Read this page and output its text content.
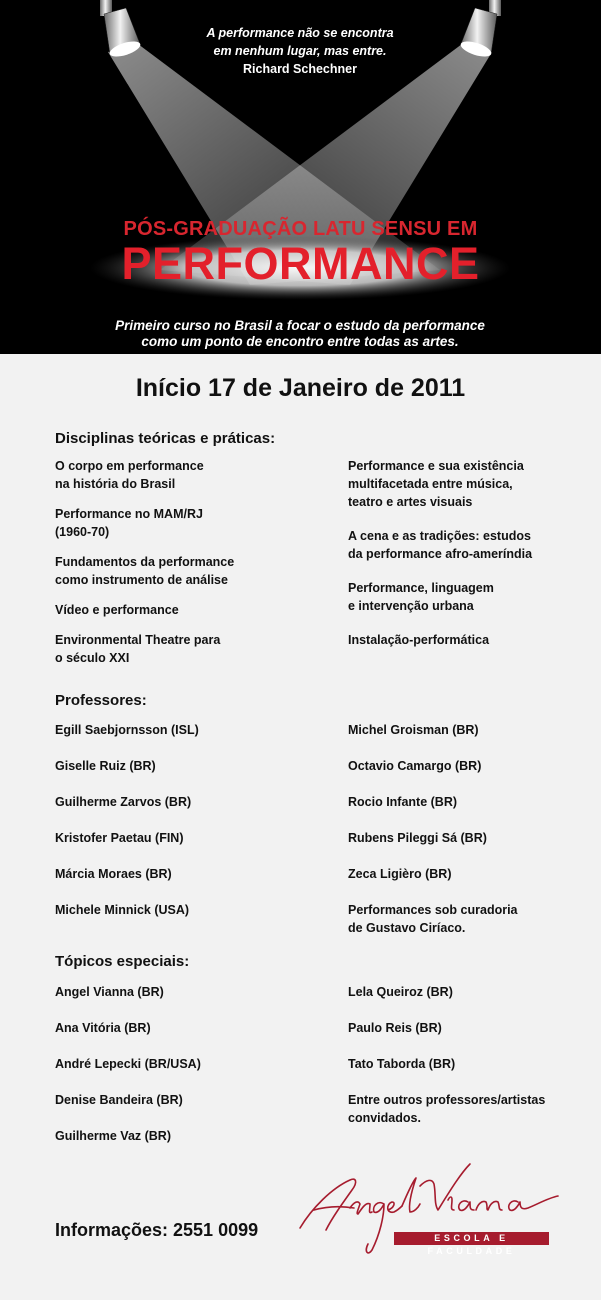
A performance não se encontra
em nenhum lugar, mas entre.
Richard Schechner
PÓS-GRADUAÇÃO LATU SENSU EM
PERFORMANCE
Primeiro curso no Brasil a focar o estudo da performance
como um ponto de encontro entre todas as artes.
Início 17 de Janeiro de 2011
Disciplinas teóricas e práticas:
O corpo em performance
na história do Brasil
Performance no MAM/RJ
(1960-70)
Fundamentos da performance
como instrumento de análise
Vídeo e performance
Environmental Theatre para
o século XXI
Performance e sua existência
multifacetada entre música,
teatro e artes visuais
A cena e as tradições: estudos
da performance afro-ameríndia
Performance, linguagem
e intervenção urbana
Instalação-performática
Professores:
Egill Saebjornsson (ISL)
Giselle Ruiz (BR)
Guilherme Zarvos (BR)
Kristofer Paetau (FIN)
Márcia Moraes (BR)
Michele Minnick (USA)
Michel Groisman (BR)
Octavio Camargo (BR)
Rocio Infante (BR)
Rubens Pileggi Sá (BR)
Zeca Ligièro (BR)
Performances sob curadoria
de Gustavo Ciríaco.
Tópicos especiais:
Angel Vianna (BR)
Ana Vitória (BR)
André Lepecki (BR/USA)
Denise Bandeira (BR)
Guilherme Vaz (BR)
Lela Queiroz (BR)
Paulo Reis (BR)
Tato Taborda (BR)
Entre outros professores/artistas
convidados.
Informações: 2551 0099	ESCOLA E FACULDADE
